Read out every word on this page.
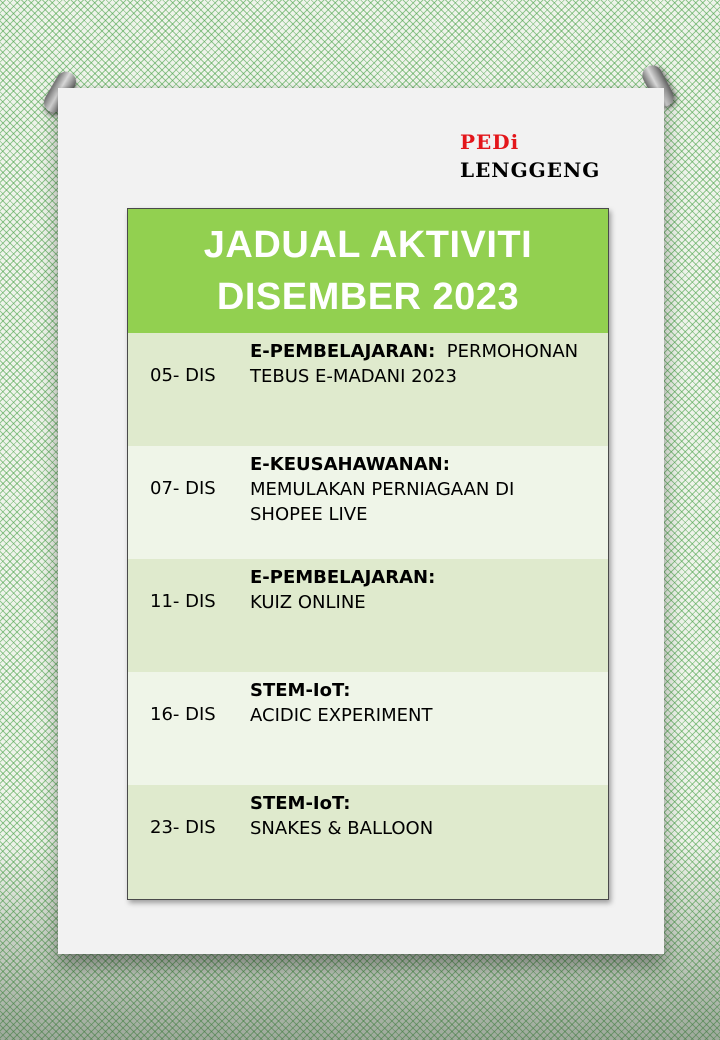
PEDi
LENGGENG
JADUAL AKTIVITI
DISEMBER 2023
05- DIS
E-PEMBELAJARAN: PERMOHONAN
TEBUS E-MADANI 2023
07- DIS
E-KEUSAHAWANAN:
MEMULAKAN PERNIAGAAN DI
SHOPEE LIVE
11- DIS
E-PEMBELAJARAN:
KUIZ ONLINE
16- DIS
STEM-IoT:
ACIDIC EXPERIMENT
23- DIS
STEM-IoT:
SNAKES & BALLOON
